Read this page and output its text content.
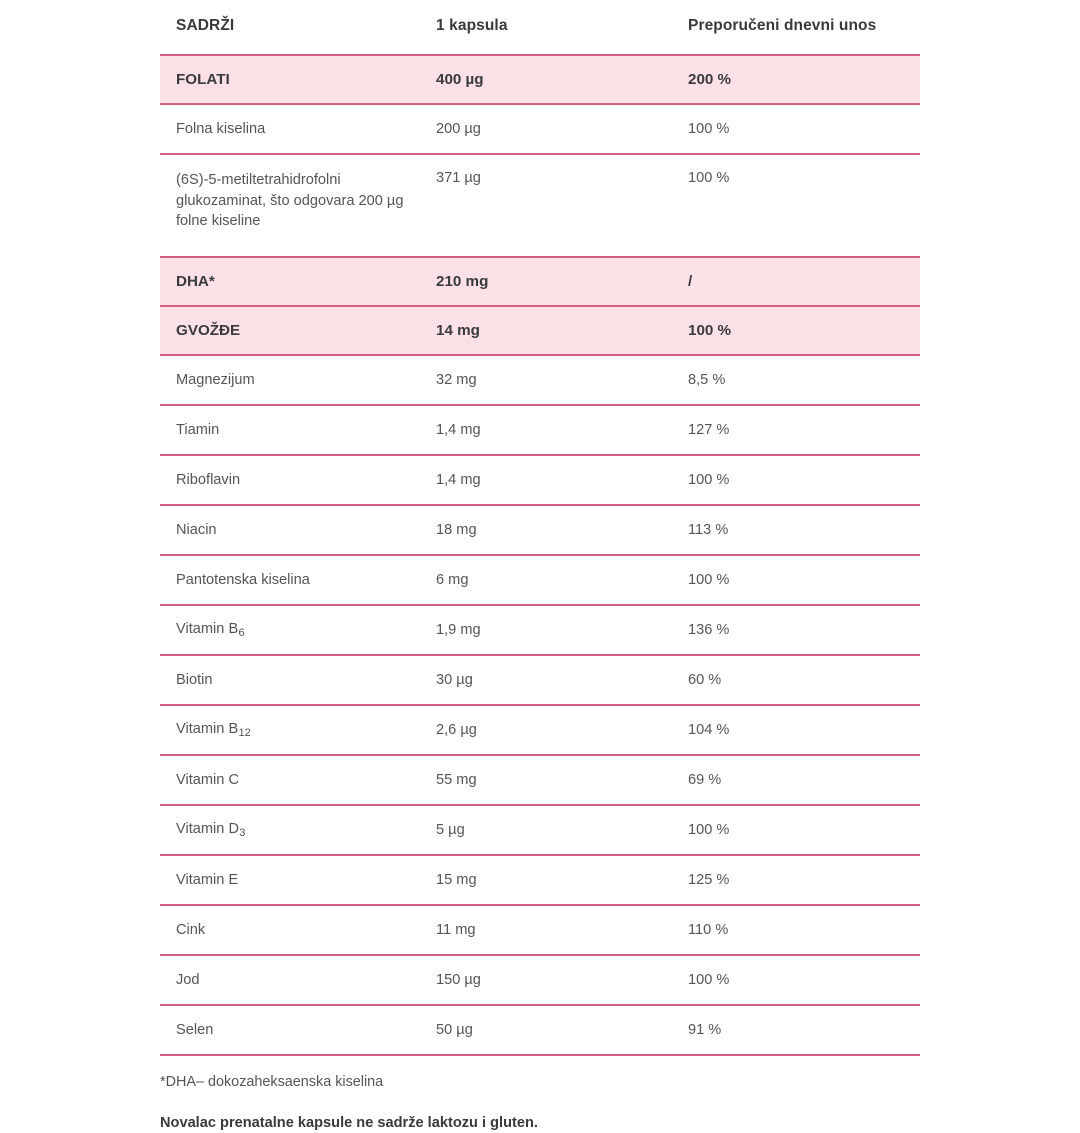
SADRŽI	1 kapsula	Preporučeni dnevni unos
FOLATI	400 µg	200 %
Folna kiselina	200 µg	100 %
(6S)-5-metiltetrahidrofolni glukozaminat, što odgovara 200 µg folne kiseline	371 µg	100 %
DHA*	210 mg	/
GVOŽĐE	14 mg	100 %
Magnezijum	32 mg	8,5 %
Tiamin	1,4 mg	127 %
Riboflavin	1,4 mg	100 %
Niacin	18 mg	113 %
Pantotenska kiselina	6 mg	100 %
Vitamin $B_6$	1,9 mg	136 %
Biotin	30 µg	60 %
Vitamin $B_{12}$	2,6 µg	104 %
Vitamin C	55 mg	69 %
Vitamin $D_3$	5 µg	100 %
Vitamin E	15 mg	125 %
Cink	11 mg	110 %
Jod	150 µg	100 %
Selen	50 µg	91 %

*DHA– dokozaheksaenska kiselina
Novalac prenatalne kapsule ne sadrže laktozu i gluten.
